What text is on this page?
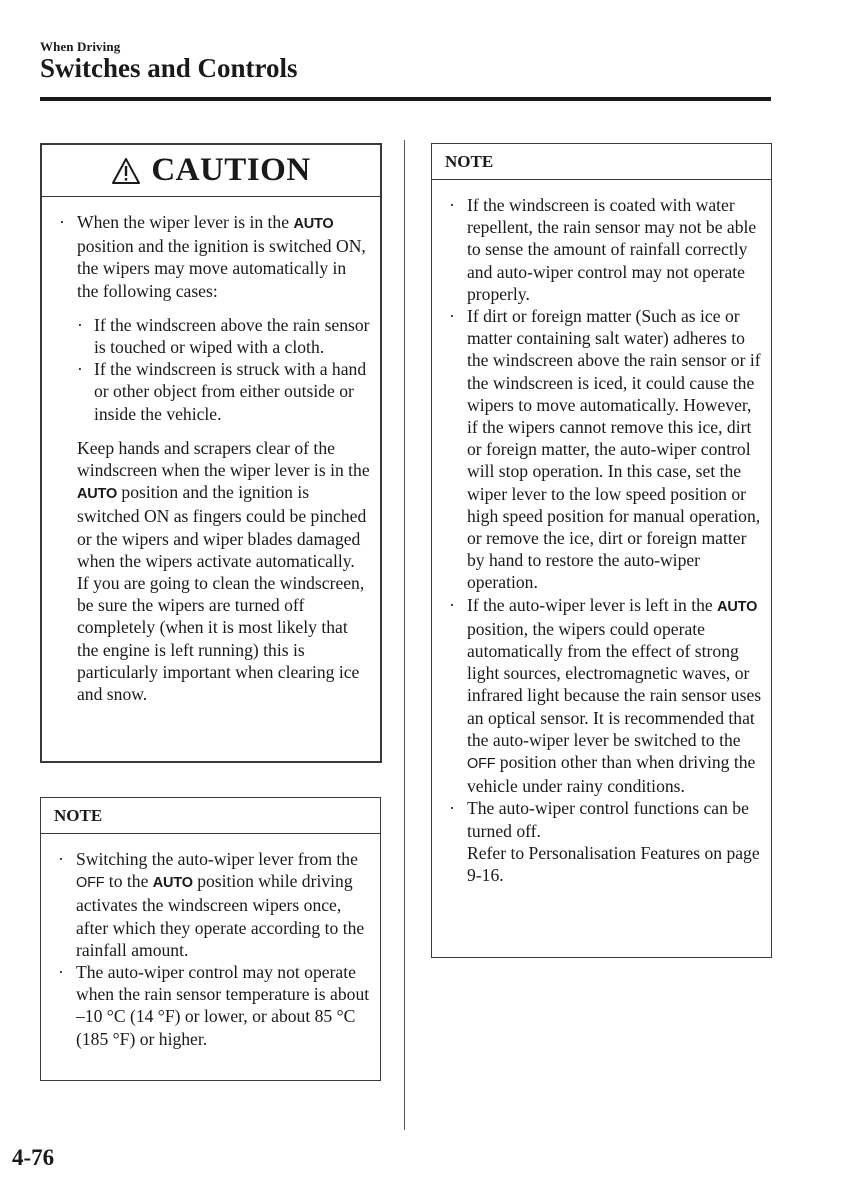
When Driving
Switches and Controls
CAUTION
· When the wiper lever is in the AUTO position and the ignition is switched ON, the wipers may move automatically in the following cases:
· If the windscreen above the rain sensor is touched or wiped with a cloth.
· If the windscreen is struck with a hand or other object from either outside or inside the vehicle.
Keep hands and scrapers clear of the windscreen when the wiper lever is in the AUTO position and the ignition is switched ON as fingers could be pinched or the wipers and wiper blades damaged when the wipers activate automatically.
If you are going to clean the windscreen, be sure the wipers are turned off completely (when it is most likely that the engine is left running) this is particularly important when clearing ice and snow.
NOTE
· Switching the auto-wiper lever from the OFF to the AUTO position while driving activates the windscreen wipers once, after which they operate according to the rainfall amount.
· The auto-wiper control may not operate when the rain sensor temperature is about –10 °C (14 °F) or lower, or about 85 °C (185 °F) or higher.
NOTE
· If the windscreen is coated with water repellent, the rain sensor may not be able to sense the amount of rainfall correctly and auto-wiper control may not operate properly.
· If dirt or foreign matter (Such as ice or matter containing salt water) adheres to the windscreen above the rain sensor or if the windscreen is iced, it could cause the wipers to move automatically. However, if the wipers cannot remove this ice, dirt or foreign matter, the auto-wiper control will stop operation. In this case, set the wiper lever to the low speed position or high speed position for manual operation, or remove the ice, dirt or foreign matter by hand to restore the auto-wiper operation.
· If the auto-wiper lever is left in the AUTO position, the wipers could operate automatically from the effect of strong light sources, electromagnetic waves, or infrared light because the rain sensor uses an optical sensor. It is recommended that the auto-wiper lever be switched to the OFF position other than when driving the vehicle under rainy conditions.
· The auto-wiper control functions can be turned off.
Refer to Personalisation Features on page 9-16.
4-76
